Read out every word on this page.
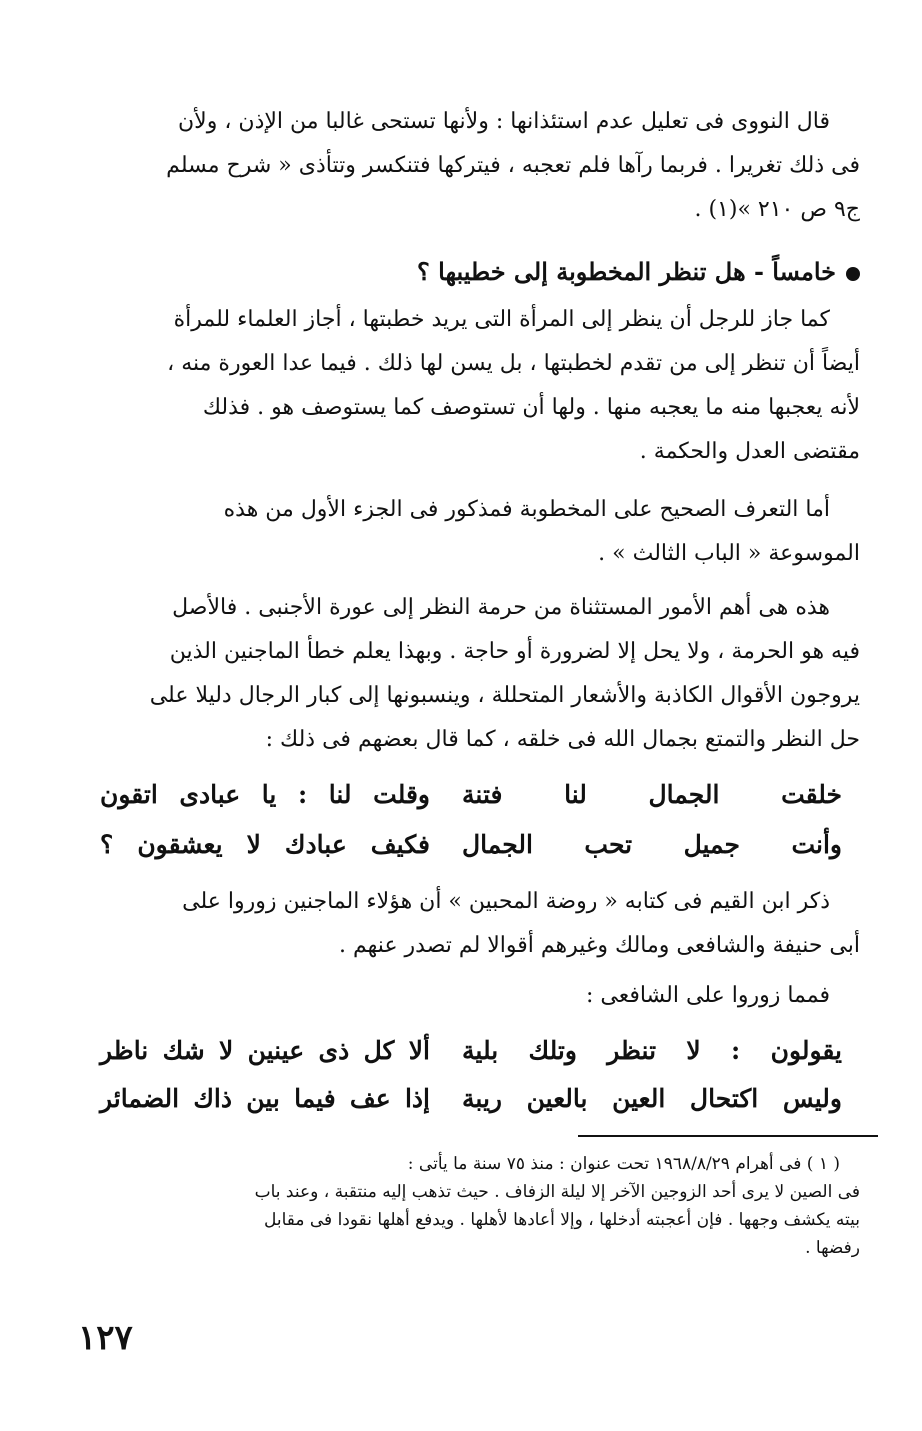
قال النووى فى تعليل عدم استئذانها : ولأنها تستحى غالبا من الإذن ، ولأن
فى ذلك تغريرا . فربما رآها فلم تعجبه ، فيتركها فتنكسر وتتأذى « شرح مسلم
ج٩ ص ٢١٠ »(١) .

خامساً - هل تنظر المخطوبة إلى خطيبها ؟

كما جاز للرجل أن ينظر إلى المرأة التى يريد خطبتها ، أجاز العلماء للمرأة
أيضاً أن تنظر إلى من تقدم لخطبتها ، بل يسن لها ذلك . فيما عدا العورة منه ،
لأنه يعجبها منه ما يعجبه منها . ولها أن تستوصف كما يستوصف هو . فذلك
مقتضى العدل والحكمة .

أما التعرف الصحيح على المخطوبة فمذكور فى الجزء الأول من هذه
الموسوعة « الباب الثالث » .

هذه هى أهم الأمور المستثناة من حرمة النظر إلى عورة الأجنبى . فالأصل
فيه هو الحرمة ، ولا يحل إلا لضرورة أو حاجة . وبهذا يعلم خطأ الماجنين الذين
يروجون الأقوال الكاذبة والأشعار المتحللة ، وينسبونها إلى كبار الرجال دليلا على
حل النظر والتمتع بجمال الله فى خلقه ، كما قال بعضهم فى ذلك :

خلقت الجمال لنا فتنة
وقلت لنا : يا عبادى اتقون
وأنت جميل تحب الجمال
فكيف عبادك لا يعشقون ؟

ذكر ابن القيم فى كتابه « روضة المحبين » أن هؤلاء الماجنين زوروا على
أبى حنيفة والشافعى ومالك وغيرهم أقوالا لم تصدر عنهم .

فمما زوروا على الشافعى :

يقولون : لا تنظر وتلك بلية
ألا كل ذى عينين لا شك ناظر
وليس اكتحال العين بالعين ريبة
إذا عف فيما بين ذاك الضمائر

( ١ ) فى أهرام ١٩٦٨/٨/٢٩ تحت عنوان : منذ ٧٥ سنة ما يأتى :
فى الصين لا يرى أحد الزوجين الآخر إلا ليلة الزفاف . حيث تذهب إليه منتقبة ، وعند باب
بيته يكشف وجهها . فإن أعجبته أدخلها ، وإلا أعادها لأهلها . ويدفع أهلها نقودا فى مقابل
رفضها .

١٢٧
